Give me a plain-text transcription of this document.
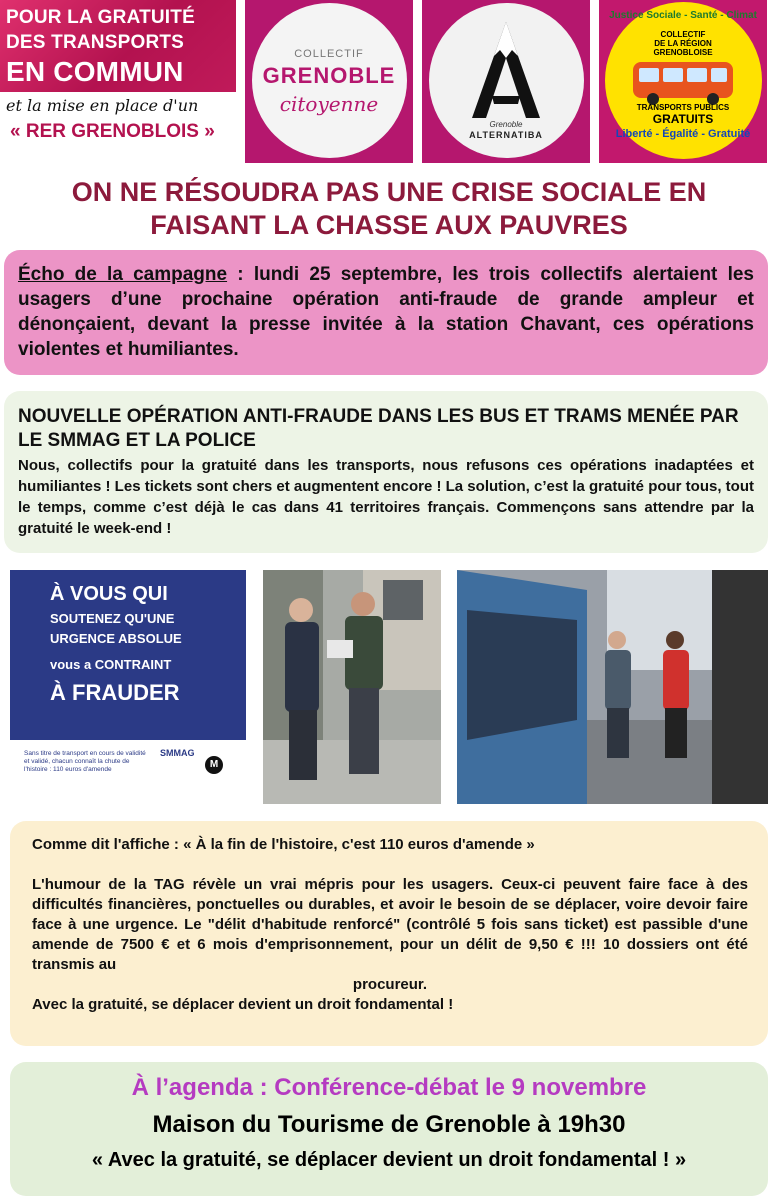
POUR LA GRATUITÉ
DES TRANSPORTS
EN COMMUN
et la mise en place d'un
« RER GRENOBLOIS »
COLLECTIF
GRENOBLE
citoyenne
Grenoble
ALTERNATIBA
Justice Sociale - Santé - Climat
COLLECTIF
DE LA RÉGION
GRENOBLOISE
TRANSPORTS PUBLICS
GRATUITS
Liberté - Égalité - Gratuité
ON NE RÉSOUDRA PAS UNE CRISE SOCIALE EN
FAISANT LA CHASSE AUX PAUVRES

Écho de la campagne : lundi 25 septembre, les trois collectifs alertaient les usagers d’une prochaine opération anti-fraude de grande ampleur et dénonçaient, devant la presse invitée à la station Chavant, ces opérations violentes et humiliantes.

NOUVELLE OPÉRATION ANTI-FRAUDE DANS LES BUS ET TRAMS MENÉE PAR LE SMMAG ET LA POLICE

Nous, collectifs pour la gratuité dans les transports, nous refusons ces opérations inadaptées et humiliantes ! Les tickets sont chers et augmentent encore ! La solution, c’est la gratuité pour tous, tout le temps, comme c’est déjà le cas dans 41 territoires français. Commençons sans attendre par la gratuité le week-end !

À VOUS QUI
SOUTENEZ QU'UNE
URGENCE ABSOLUE
vous a CONTRAINT
À FRAUDER
Sans titre de transport en cours de validité et validé, chacun connaît la chute de l'histoire : 110 euros d'amende
SMMAG
M

Comme dit l'affiche : « À la fin de l'histoire, c'est 110 euros d'amende »

L'humour de la TAG révèle un vrai mépris pour les usagers. Ceux-ci peuvent faire face à des difficultés financières, ponctuelles ou durables, et avoir le besoin de se déplacer, voire devoir faire face à une urgence. Le "délit d'habitude renforcé" (contrôlé 5 fois sans ticket) est passible d'une amende de 7500 € et 6 mois d'emprisonnement, pour un délit de 9,50 € !!! 10 dossiers ont été transmis au

procureur.

Avec la gratuité, se déplacer devient un droit fondamental !

À l’agenda : Conférence-débat le 9 novembre
Maison du Tourisme de Grenoble à 19h30
« Avec la gratuité, se déplacer devient un droit fondamental ! »
